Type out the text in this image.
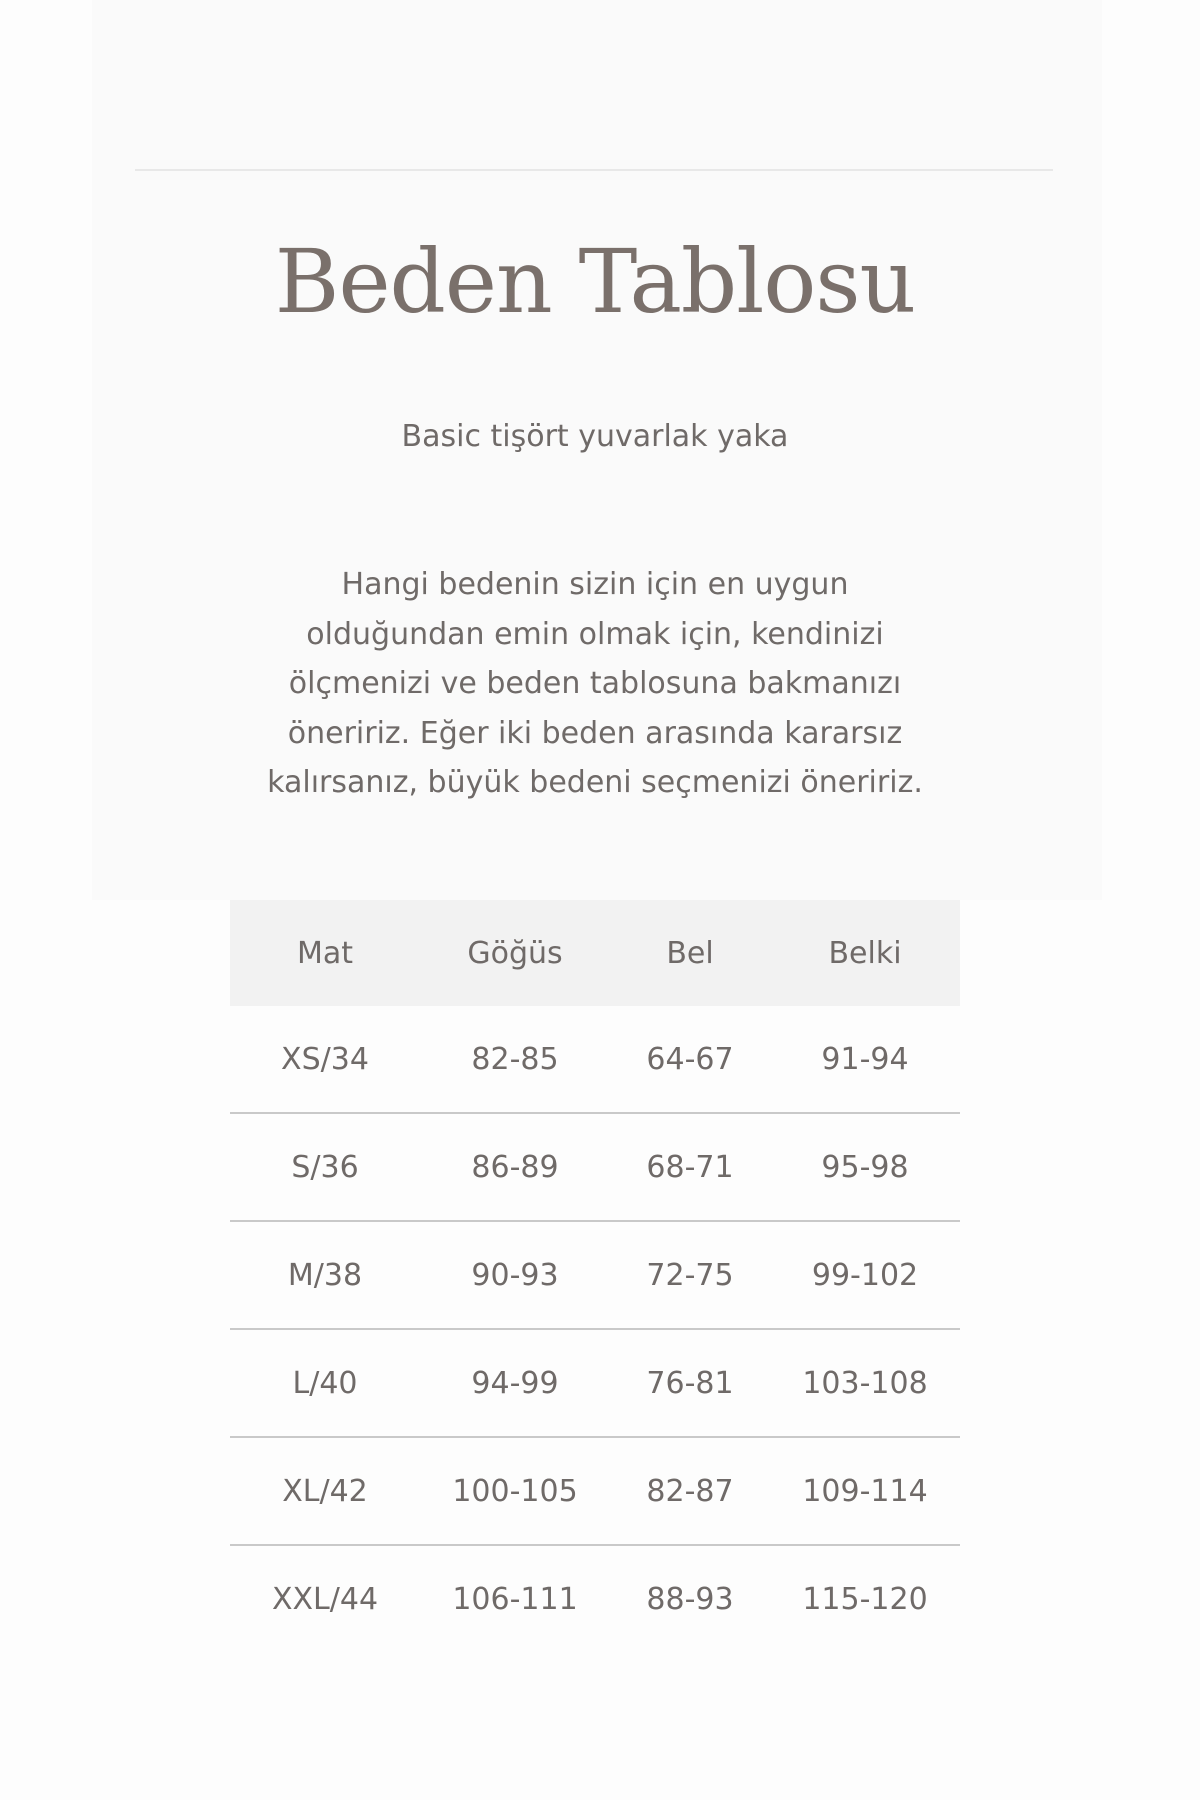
Beden Tablosu
Basic tişört yuvarlak yaka
Hangi bedenin sizin için en uygun
olduğundan emin olmak için, kendinizi
ölçmenizi ve beden tablosuna bakmanızı
öneririz. Eğer iki beden arasında kararsız
kalırsanız, büyük bedeni seçmenizi öneririz.
Mat	Göğüs	Bel	Belki
XS/34	82-85	64-67	91-94
S/36	86-89	68-71	95-98
M/38	90-93	72-75	99-102
L/40	94-99	76-81	103-108
XL/42	100-105	82-87	109-114
XXL/44	106-111	88-93	115-120
